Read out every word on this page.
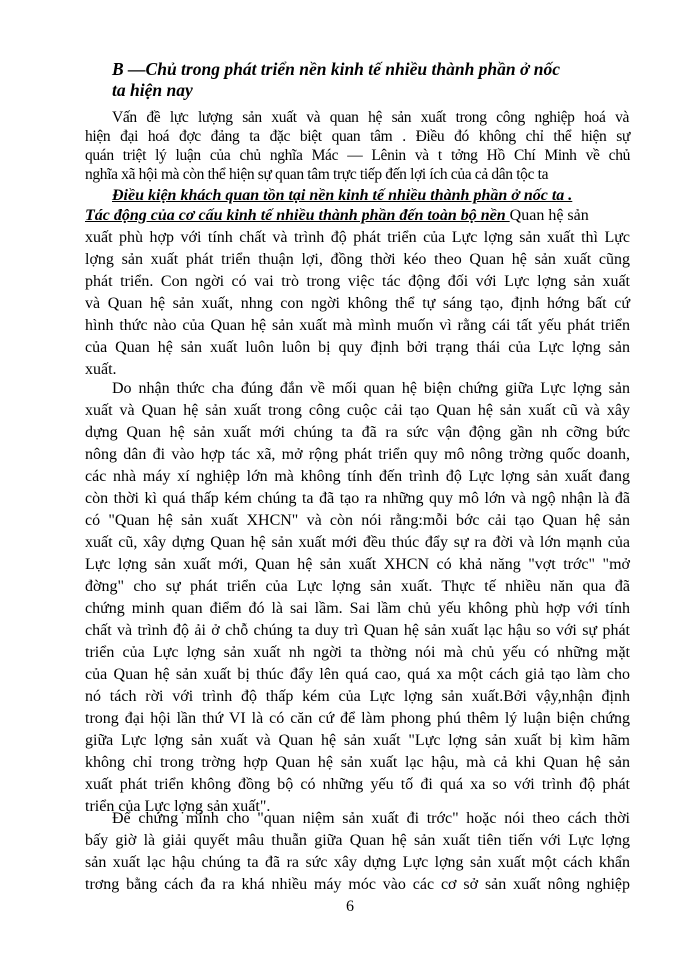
B —Chủ trong phát triển nền kinh tế nhiều thành phần ở nốc
ta hiện nay
Vấn đề lực lượng sản xuất và quan hệ sản xuất trong công nghiệp hoá và
hiện đại hoá đợc đảng ta đặc biệt quan tâm . Điều đó không chỉ thể hiện sự
quán triệt lý luận của chủ nghĩa Mác — Lênin và t tởng Hồ Chí Minh về chủ
nghĩa xã hội mà còn thể hiện sự quan tâm trực tiếp đến lợi ích của cả dân tộc ta
Điều kiện khách quan tồn tại nền kinh tế nhiều thành phần ở nốc ta .
Tác động của cơ cấu kinh tế nhiều thành phần đến toàn bộ nền Quan hệ sản
xuất phù hợp với tính chất và trình độ phát triển của Lực lợng sản xuất thì Lực
lợng sản xuất phát triển thuận lợi, đồng thời kéo theo Quan hệ sản xuất cũng
phát triển. Con ngời có vai trò trong việc tác động đối với Lực lợng sản xuất
và Quan hệ sản xuất, nhng con ngời không thể tự sáng tạo, định hớng bất cứ
hình thức nào của Quan hệ sản xuất mà mình muốn vì rằng cái tất yếu phát triển
của Quan hệ sản xuất luôn luôn bị quy định bởi trạng thái của Lực lợng sản
xuất.
Do nhận thức cha đúng đắn về mối quan hệ biện chứng giữa Lực lợng sản
xuất và Quan hệ sản xuất trong công cuộc cải tạo Quan hệ sản xuất cũ và xây
dựng Quan hệ sản xuất mới chúng ta đã ra sức vận động gần nh cỡng bức
nông dân đi vào hợp tác xã, mở rộng phát triển quy mô nông trờng quốc doanh,
các nhà máy xí nghiệp lớn mà không tính đến trình độ Lực lợng sản xuất đang
còn thời kì quá thấp kém chúng ta đã tạo ra những quy mô lớn và ngộ nhận là đã
có "Quan hệ sản xuất XHCN" và còn nói rằng:mỗi bớc cải tạo Quan hệ sản
xuất cũ, xây dựng Quan hệ sản xuất mới đều thúc đẩy sự ra đời và lớn mạnh của
Lực lợng sản xuất mới, Quan hệ sản xuất XHCN có khả năng "vợt trớc" "mở
đờng" cho sự phát triển của Lực lợng sản xuất. Thực tế nhiều năn qua đã
chứng minh quan điểm đó là sai lầm. Sai lầm chủ yếu không phù hợp với tính
chất và trình độ ải ở chỗ chúng ta duy trì Quan hệ sản xuất lạc hậu so với sự phát
triển của Lực lợng sản xuất nh ngời ta thờng nói mà chủ yếu có những mặt
của Quan hệ sản xuất bị thúc đẩy lên quá cao, quá xa một cách giả tạo làm cho
nó tách rời với trình độ thấp kém của Lực lợng sản xuất.Bởi vậy,nhận định
trong đại hội lần thứ VI là có căn cứ để làm phong phú thêm lý luận biện chứng
giữa Lực lợng sản xuất và Quan hệ sản xuất "Lực lợng sản xuất bị kìm hãm
không chỉ trong trờng hợp Quan hệ sản xuất lạc hậu, mà cả khi Quan hệ sản
xuất phát triển không đồng bộ có những yếu tố đi quá xa so với trình độ phát
triển của Lực lợng sản xuất".
Để chứng minh cho "quan niệm sản xuất đi trớc" hoặc nói theo cách thời
bấy giờ là giải quyết mâu thuẫn giữa Quan hệ sản xuất tiên tiến với Lực lợng
sản xuất lạc hậu chúng ta đã ra sức xây dựng Lực lợng sản xuất một cách khẩn
trơng bằng cách đa ra khá nhiều máy móc vào các cơ sở sản xuất nông nghiệp
6
